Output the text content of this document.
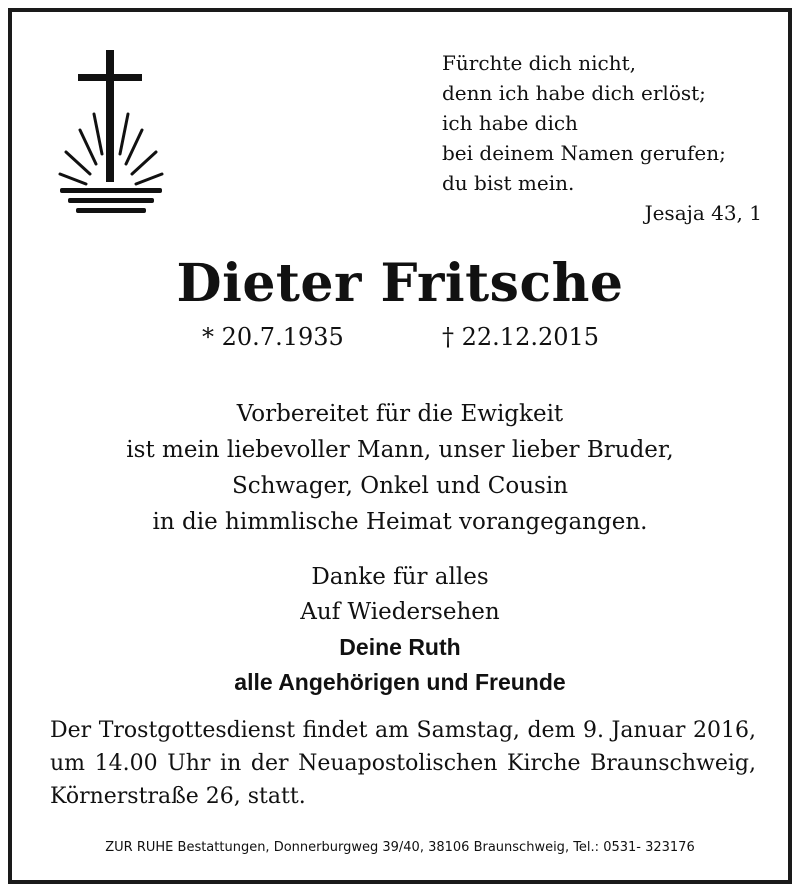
Fürchte dich nicht,
denn ich habe dich erlöst;
ich habe dich
bei deinem Namen gerufen;
du bist mein.
Jesaja 43, 1
Dieter Fritsche
* 20.7.1935	† 22.12.2015
Vorbereitet für die Ewigkeit
ist mein liebevoller Mann, unser lieber Bruder,
Schwager, Onkel und Cousin
in die himmlische Heimat vorangegangen.
Danke für alles
Auf Wiedersehen
Deine Ruth
alle Angehörigen und Freunde
Der Trostgottesdienst findet am Samstag, dem 9. Januar 2016, um 14.00 Uhr in der Neuapostolischen Kirche Braunschweig, Körnerstraße 26, statt.
ZUR RUHE Bestattungen, Donnerburgweg 39/40, 38106 Braunschweig, Tel.: 0531- 323176
